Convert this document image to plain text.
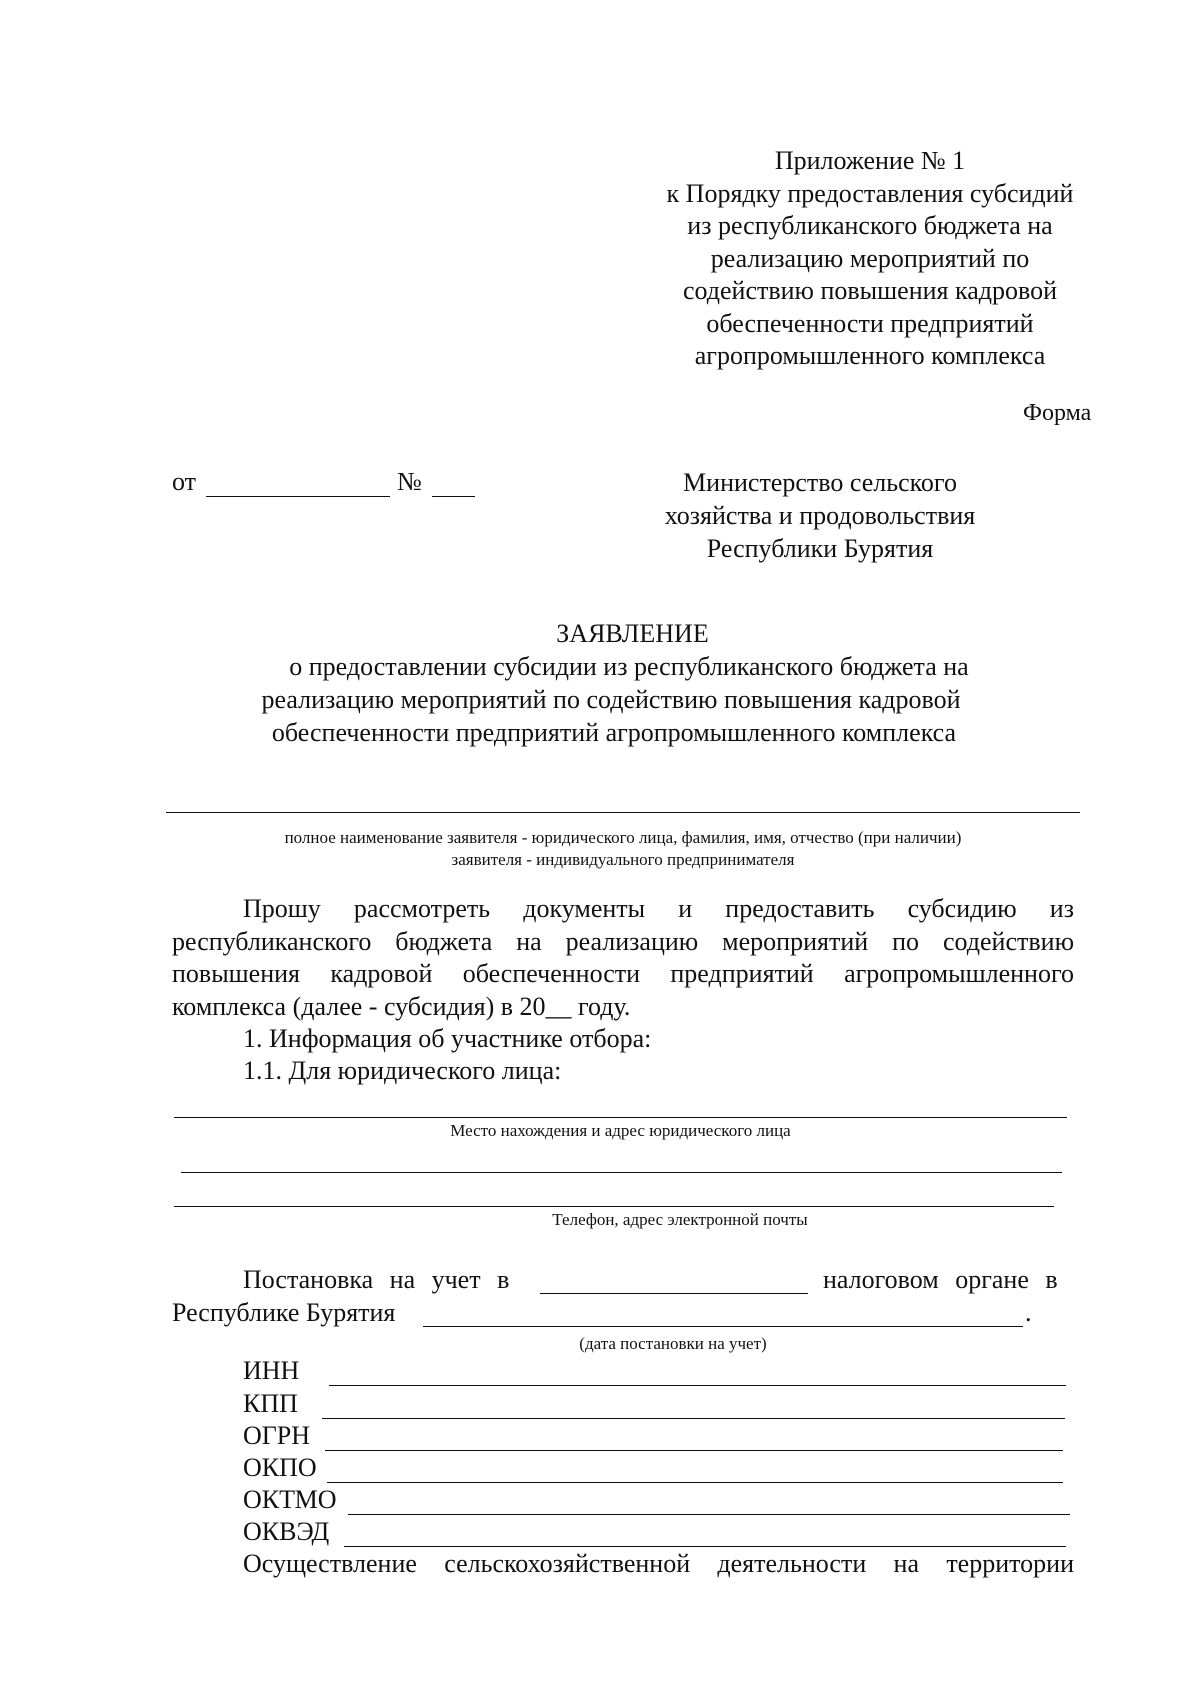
Приложение № 1
к Порядку предоставления субсидий
из республиканского бюджета на
реализацию мероприятий по
содействию повышения кадровой
обеспеченности предприятий
агропромышленного комплекса
Форма
от	№	Министерство сельского
хозяйства и продовольствия
Республики Бурятия
ЗАЯВЛЕНИЕ
о предоставлении субсидии из республиканского бюджета на
реализацию мероприятий по содействию повышения кадровой
обеспеченности предприятий агропромышленного комплекса
полное наименование заявителя - юридического лица, фамилия, имя, отчество (при наличии)
заявителя - индивидуального предпринимателя
Прошу рассмотреть документы и предоставить субсидию из
республиканского бюджета на реализацию мероприятий по содействию
повышения кадровой обеспеченности предприятий агропромышленного
комплекса (далее - субсидия) в 20__ году.
1. Информация об участнике отбора:
1.1. Для юридического лица:
Место нахождения и адрес юридического лица
Телефон, адрес электронной почты
Постановка на учет в	налоговом органе в
Республике Бурятия	.
(дата постановки на учет)
ИНН
КПП
ОГРН
ОКПО
ОКТМО
ОКВЭД
Осуществление сельскохозяйственной деятельности на территории
